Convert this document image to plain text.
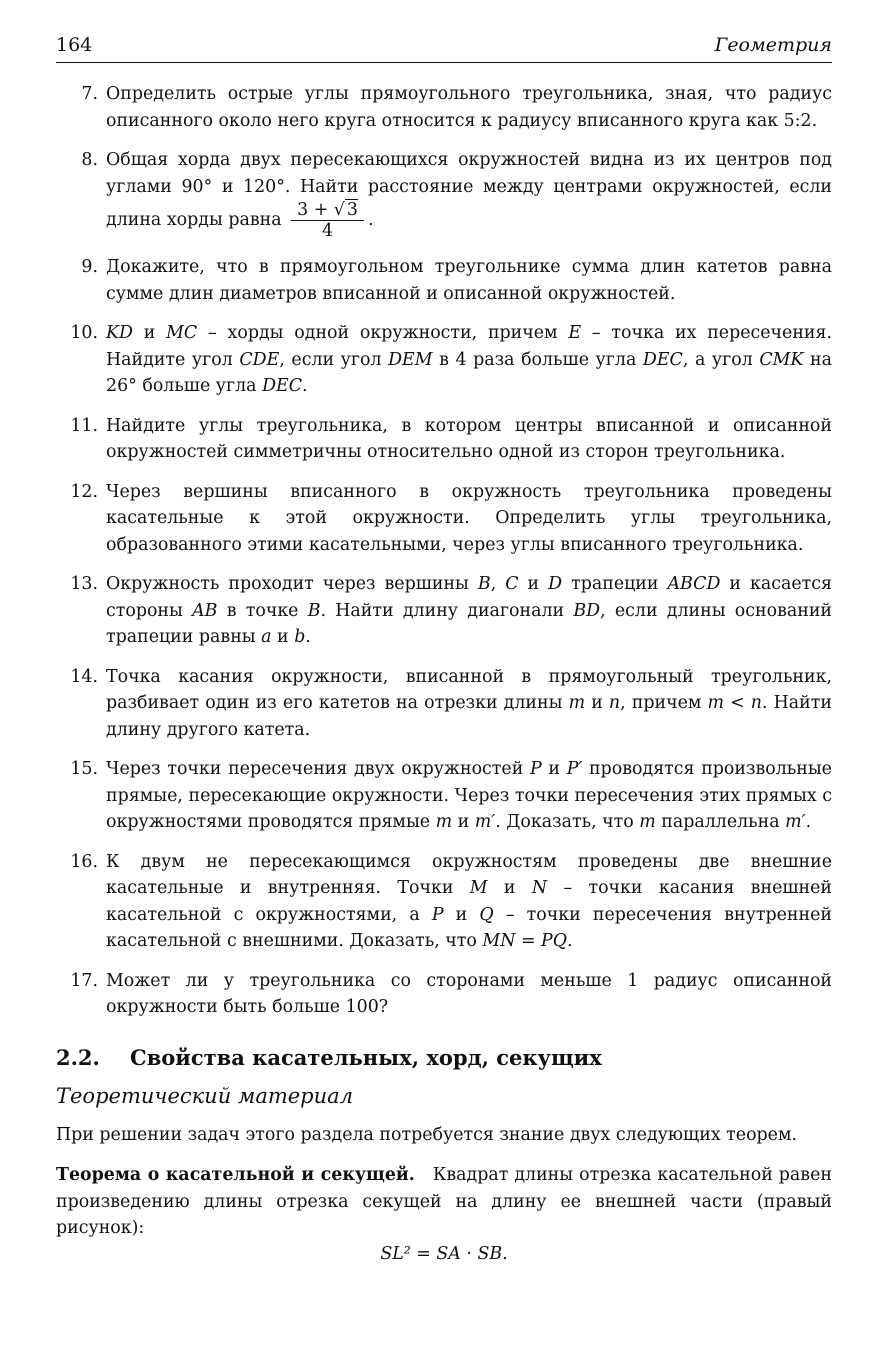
164	Геометрия
7. Определить острые углы прямоугольного треугольника, зная, что радиус описанного около него круга относится к радиусу вписанного круга как 5:2.
8. Общая хорда двух пересекающихся окружностей видна из их центров под углами 90° и 120°. Найти расстояние между центрами окружностей, если длина хорды равна $\frac{3 + √ 3}{4}$ .
9. Докажите, что в прямоугольном треугольнике сумма длин катетов равна сумме длин диаметров вписанной и описанной окружностей.
10. KD и MC – хорды одной окружности, причем E – точка их пересечения. Найдите угол CDE, если угол DEM в 4 раза больше угла DEC, а угол CMK на 26° больше угла DEC.
11. Найдите углы треугольника, в котором центры вписанной и описанной окружностей симметричны относительно одной из сторон треугольника.
12. Через вершины вписанного в окружность треугольника проведены касательные к этой окружности. Определить углы треугольника, образованного этими касательными, через углы вписанного треугольника.
13. Окружность проходит через вершины B, C и D трапеции ABCD и касается стороны AB в точке B. Найти длину диагонали BD, если длины оснований трапеции равны a и b.
14. Точка касания окружности, вписанной в прямоугольный треугольник, разбивает один из его катетов на отрезки длины m и n, причем m < n. Найти длину другого катета.
15. Через точки пересечения двух окружностей P и P′ проводятся произвольные прямые, пересекающие окружности. Через точки пересечения этих прямых с окружностями проводятся прямые m и m′. Доказать, что m параллельна m′.
16. К двум не пересекающимся окружностям проведены две внешние касательные и внутренняя. Точки M и N – точки касания внешней касательной с окружностями, а P и Q – точки пересечения внутренней касательной с внешними. Доказать, что MN = PQ.
17. Может ли у треугольника со сторонами меньше 1 радиус описанной окружности быть больше 100?
2.2.	Свойства касательных, хорд, секущих
Теоретический материал
При решении задач этого раздела потребуется знание двух следующих теорем.
Теорема о касательной и секущей. Квадрат длины отрезка касательной равен произведению длины отрезка секущей на длину ее внешней части (правый рисунок):
SL² = SA · SB.
